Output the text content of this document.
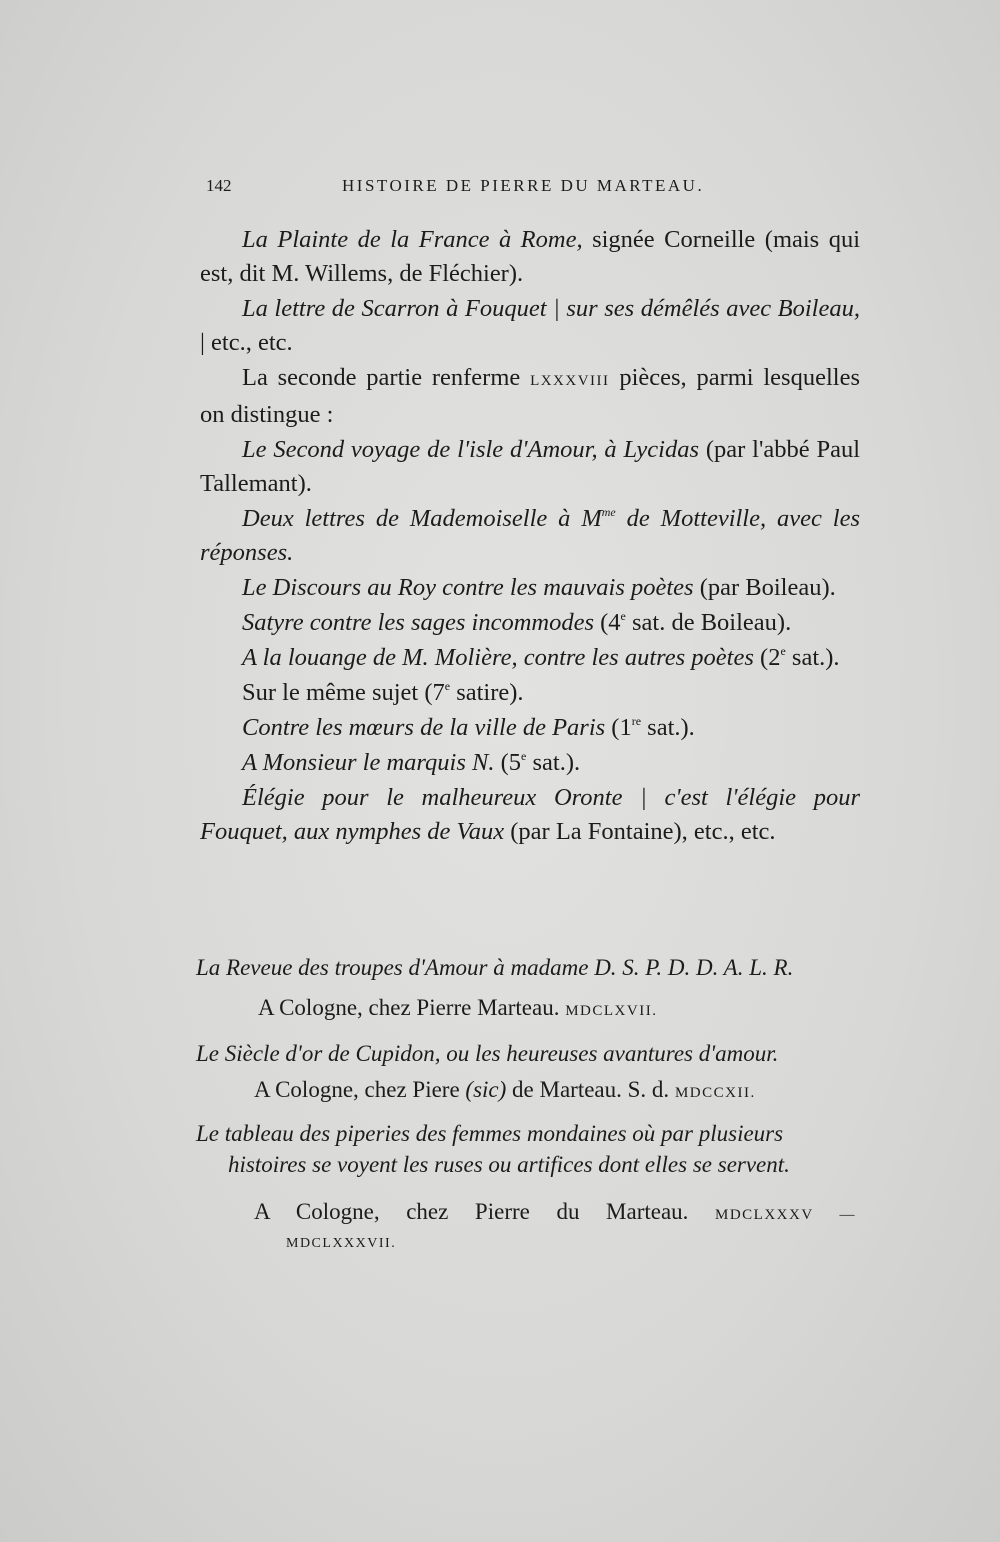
142	HISTOIRE DE PIERRE DU MARTEAU.

La Plainte de la France à Rome, signée Corneille (mais qui est, dit M. Willems, de Fléchier).

La lettre de Scarron à Fouquet | sur ses démêlés avec Boileau, | etc., etc.

La seconde partie renferme LXXXVIII pièces, parmi lesquelles on distingue :

Le Second voyage de l'isle d'Amour, à Lycidas (par l'abbé Paul Tallemant).

Deux lettres de Mademoiselle à $M^{me}$ de Motteville, avec les réponses.

Le Discours au Roy contre les mauvais poètes (par Boileau).

Satyre contre les sages incommodes (4e sat. de Boileau).

A la louange de M. Molière, contre les autres poètes (2e sat.).

Sur le même sujet (7e satire).

Contre les mœurs de la ville de Paris (1re sat.).

A Monsieur le marquis N. (5e sat.).

Élégie pour le malheureux Oronte | c'est l'élégie pour Fouquet, aux nymphes de Vaux (par La Fontaine), etc., etc.

La Reveue des troupes d'Amour à madame D. S. P. D. D. A. L. R.
A Cologne, chez Pierre Marteau. MDCLXVII.
Le Siècle d'or de Cupidon, ou les heureuses avantures d'amour.
A Cologne, chez Piere (sic) de Marteau. S. d. MDCCXII.
Le tableau des piperies des femmes mondaines où par plusieurs
histoires se voyent les ruses ou artifices dont elles se servent.
A Cologne, chez Pierre du Marteau. MDCLXXXV —
MDCLXXXVII.
